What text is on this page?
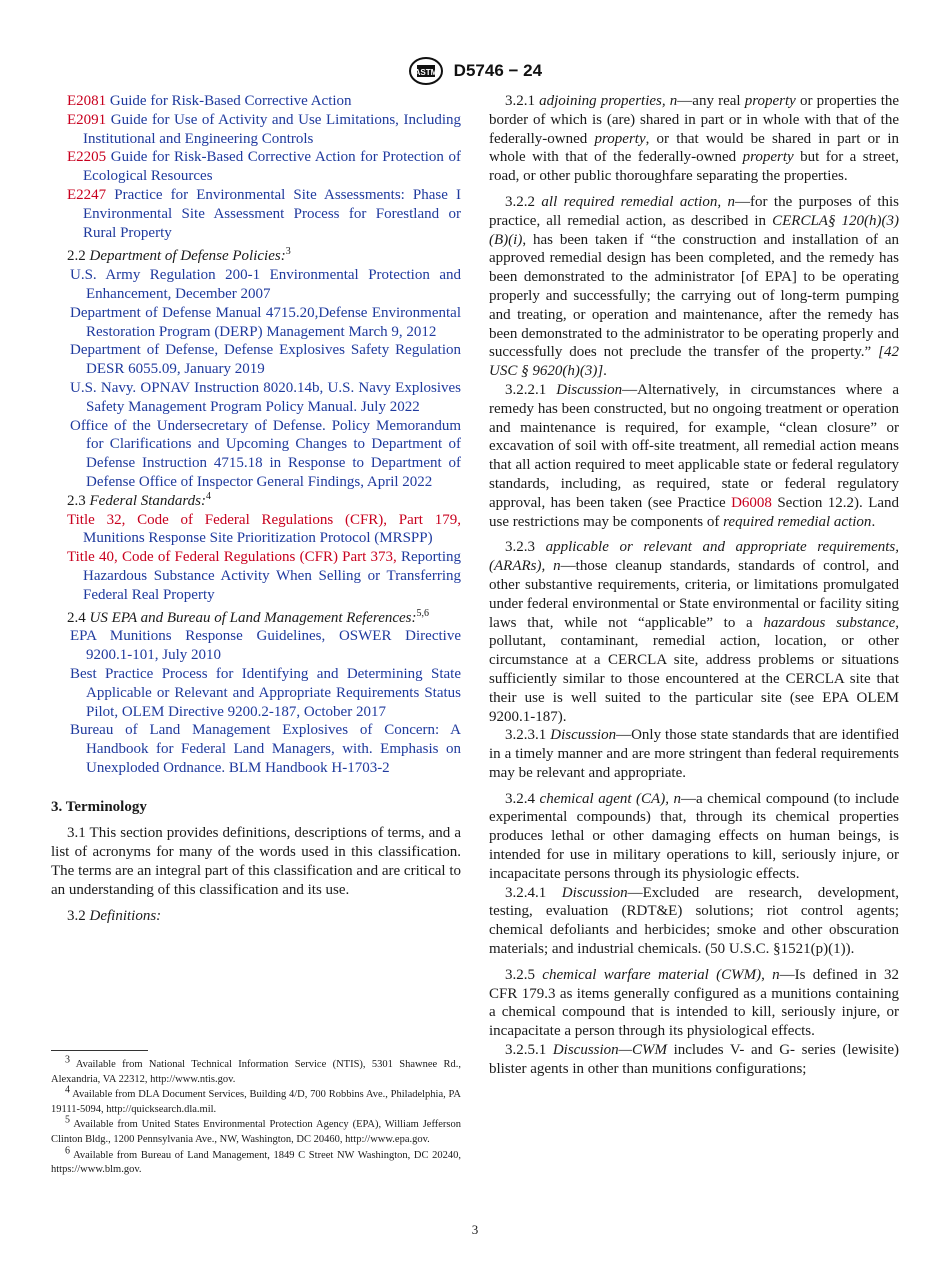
ASTM D5746 − 24
E2081 Guide for Risk-Based Corrective Action
E2091 Guide for Use of Activity and Use Limitations, Including Institutional and Engineering Controls
E2205 Guide for Risk-Based Corrective Action for Protection of Ecological Resources
E2247 Practice for Environmental Site Assessments: Phase I Environmental Site Assessment Process for Forestland or Rural Property

2.2 Department of Defense Policies:$^3$

U.S. Army Regulation 200-1 Environmental Protection and Enhancement, December 2007
Department of Defense Manual 4715.20,Defense Environmental Restoration Program (DERP) Management March 9, 2012
Department of Defense, Defense Explosives Safety Regulation DESR 6055.09, January 2019
U.S. Navy. OPNAV Instruction 8020.14b, U.S. Navy Explosives Safety Management Program Policy Manual. July 2022
Office of the Undersecretary of Defense. Policy Memorandum for Clarifications and Upcoming Changes to Department of Defense Instruction 4715.18 in Response to Department of Defense Office of Inspector General Findings, April 2022

2.3 Federal Standards:$^4$

Title 32, Code of Federal Regulations (CFR), Part 179, Munitions Response Site Prioritization Protocol (MRSPP)
Title 40, Code of Federal Regulations (CFR) Part 373, Reporting Hazardous Substance Activity When Selling or Transferring Federal Real Property

2.4 US EPA and Bureau of Land Management References:$^{5,6}$

EPA Munitions Response Guidelines, OSWER Directive 9200.1-101, July 2010
Best Practice Process for Identifying and Determining State Applicable or Relevant and Appropriate Requirements Status Pilot, OLEM Directive 9200.2-187, October 2017
Bureau of Land Management Explosives of Concern: A Handbook for Federal Land Managers, with. Emphasis on Unexploded Ordnance. BLM Handbook H-1703-2
3. Terminology

3.1 This section provides definitions, descriptions of terms, and a list of acronyms for many of the words used in this classification. The terms are an integral part of this classification and are critical to an understanding of this classification and its use.

3.2 Definitions:

$^3$ Available from National Technical Information Service (NTIS), 5301 Shawnee Rd., Alexandria, VA 22312, http://www.ntis.gov.

$^4$ Available from DLA Document Services, Building 4/D, 700 Robbins Ave., Philadelphia, PA 19111-5094, http://quicksearch.dla.mil.

$^5$ Available from United States Environmental Protection Agency (EPA), William Jefferson Clinton Bldg., 1200 Pennsylvania Ave., NW, Washington, DC 20460, http://www.epa.gov.

$^6$ Available from Bureau of Land Management, 1849 C Street NW Washington, DC 20240, https://www.blm.gov.

3.2.1 adjoining properties, n—any real property or properties the border of which is (are) shared in part or in whole with that of the federally-owned property, or that would be shared in part or in whole with that of the federally-owned property but for a street, road, or other public thoroughfare separating the properties.

3.2.2 all required remedial action, n—for the purposes of this practice, all remedial action, as described in CERCLA§ 120(h)(3)(B)(i), has been taken if “the construction and installation of an approved remedial design has been completed, and the remedy has been demonstrated to the administrator [of EPA] to be operating properly and successfully; the carrying out of long-term pumping and treating, or operation and maintenance, after the remedy has been demonstrated to the administrator to be operating properly and successfully does not preclude the transfer of the property.” [42 USC § 9620(h)(3)].

3.2.2.1 Discussion—Alternatively, in circumstances where a remedy has been constructed, but no ongoing treatment or operation and maintenance is required, for example, “clean closure” or excavation of soil with off-site treatment, all remedial action means that all action required to meet applicable state or federal regulatory standards, including, as required, state or federal regulatory approval, has been taken (see Practice D6008 Section 12.2). Land use restrictions may be components of required remedial action.

3.2.3 applicable or relevant and appropriate requirements, (ARARs), n—those cleanup standards, standards of control, and other substantive requirements, criteria, or limitations promulgated under federal environmental or State environmental or facility siting laws that, while not “applicable” to a hazardous substance, pollutant, contaminant, remedial action, location, or other circumstance at a CERCLA site, address problems or situations sufficiently similar to those encountered at the CERCLA site that their use is well suited to the particular site (see EPA OLEM 9200.1-187).

3.2.3.1 Discussion—Only those state standards that are identified in a timely manner and are more stringent than federal requirements may be relevant and appropriate.

3.2.4 chemical agent (CA), n—a chemical compound (to include experimental compounds) that, through its chemical properties produces lethal or other damaging effects on human beings, is intended for use in military operations to kill, seriously injure, or incapacitate persons through its physiologic effects.

3.2.4.1 Discussion—Excluded are research, development, testing, evaluation (RDT&E) solutions; riot control agents; chemical defoliants and herbicides; smoke and other obscuration materials; and industrial chemicals. (50 U.S.C. §1521(p)(1)).

3.2.5 chemical warfare material (CWM), n—Is defined in 32 CFR 179.3 as items generally configured as a munitions containing a chemical compound that is intended to kill, seriously injure, or incapacitate a person through its physiological effects.

3.2.5.1 Discussion—CWM includes V- and G- series (lewisite) blister agents in other than munitions configurations;

3
